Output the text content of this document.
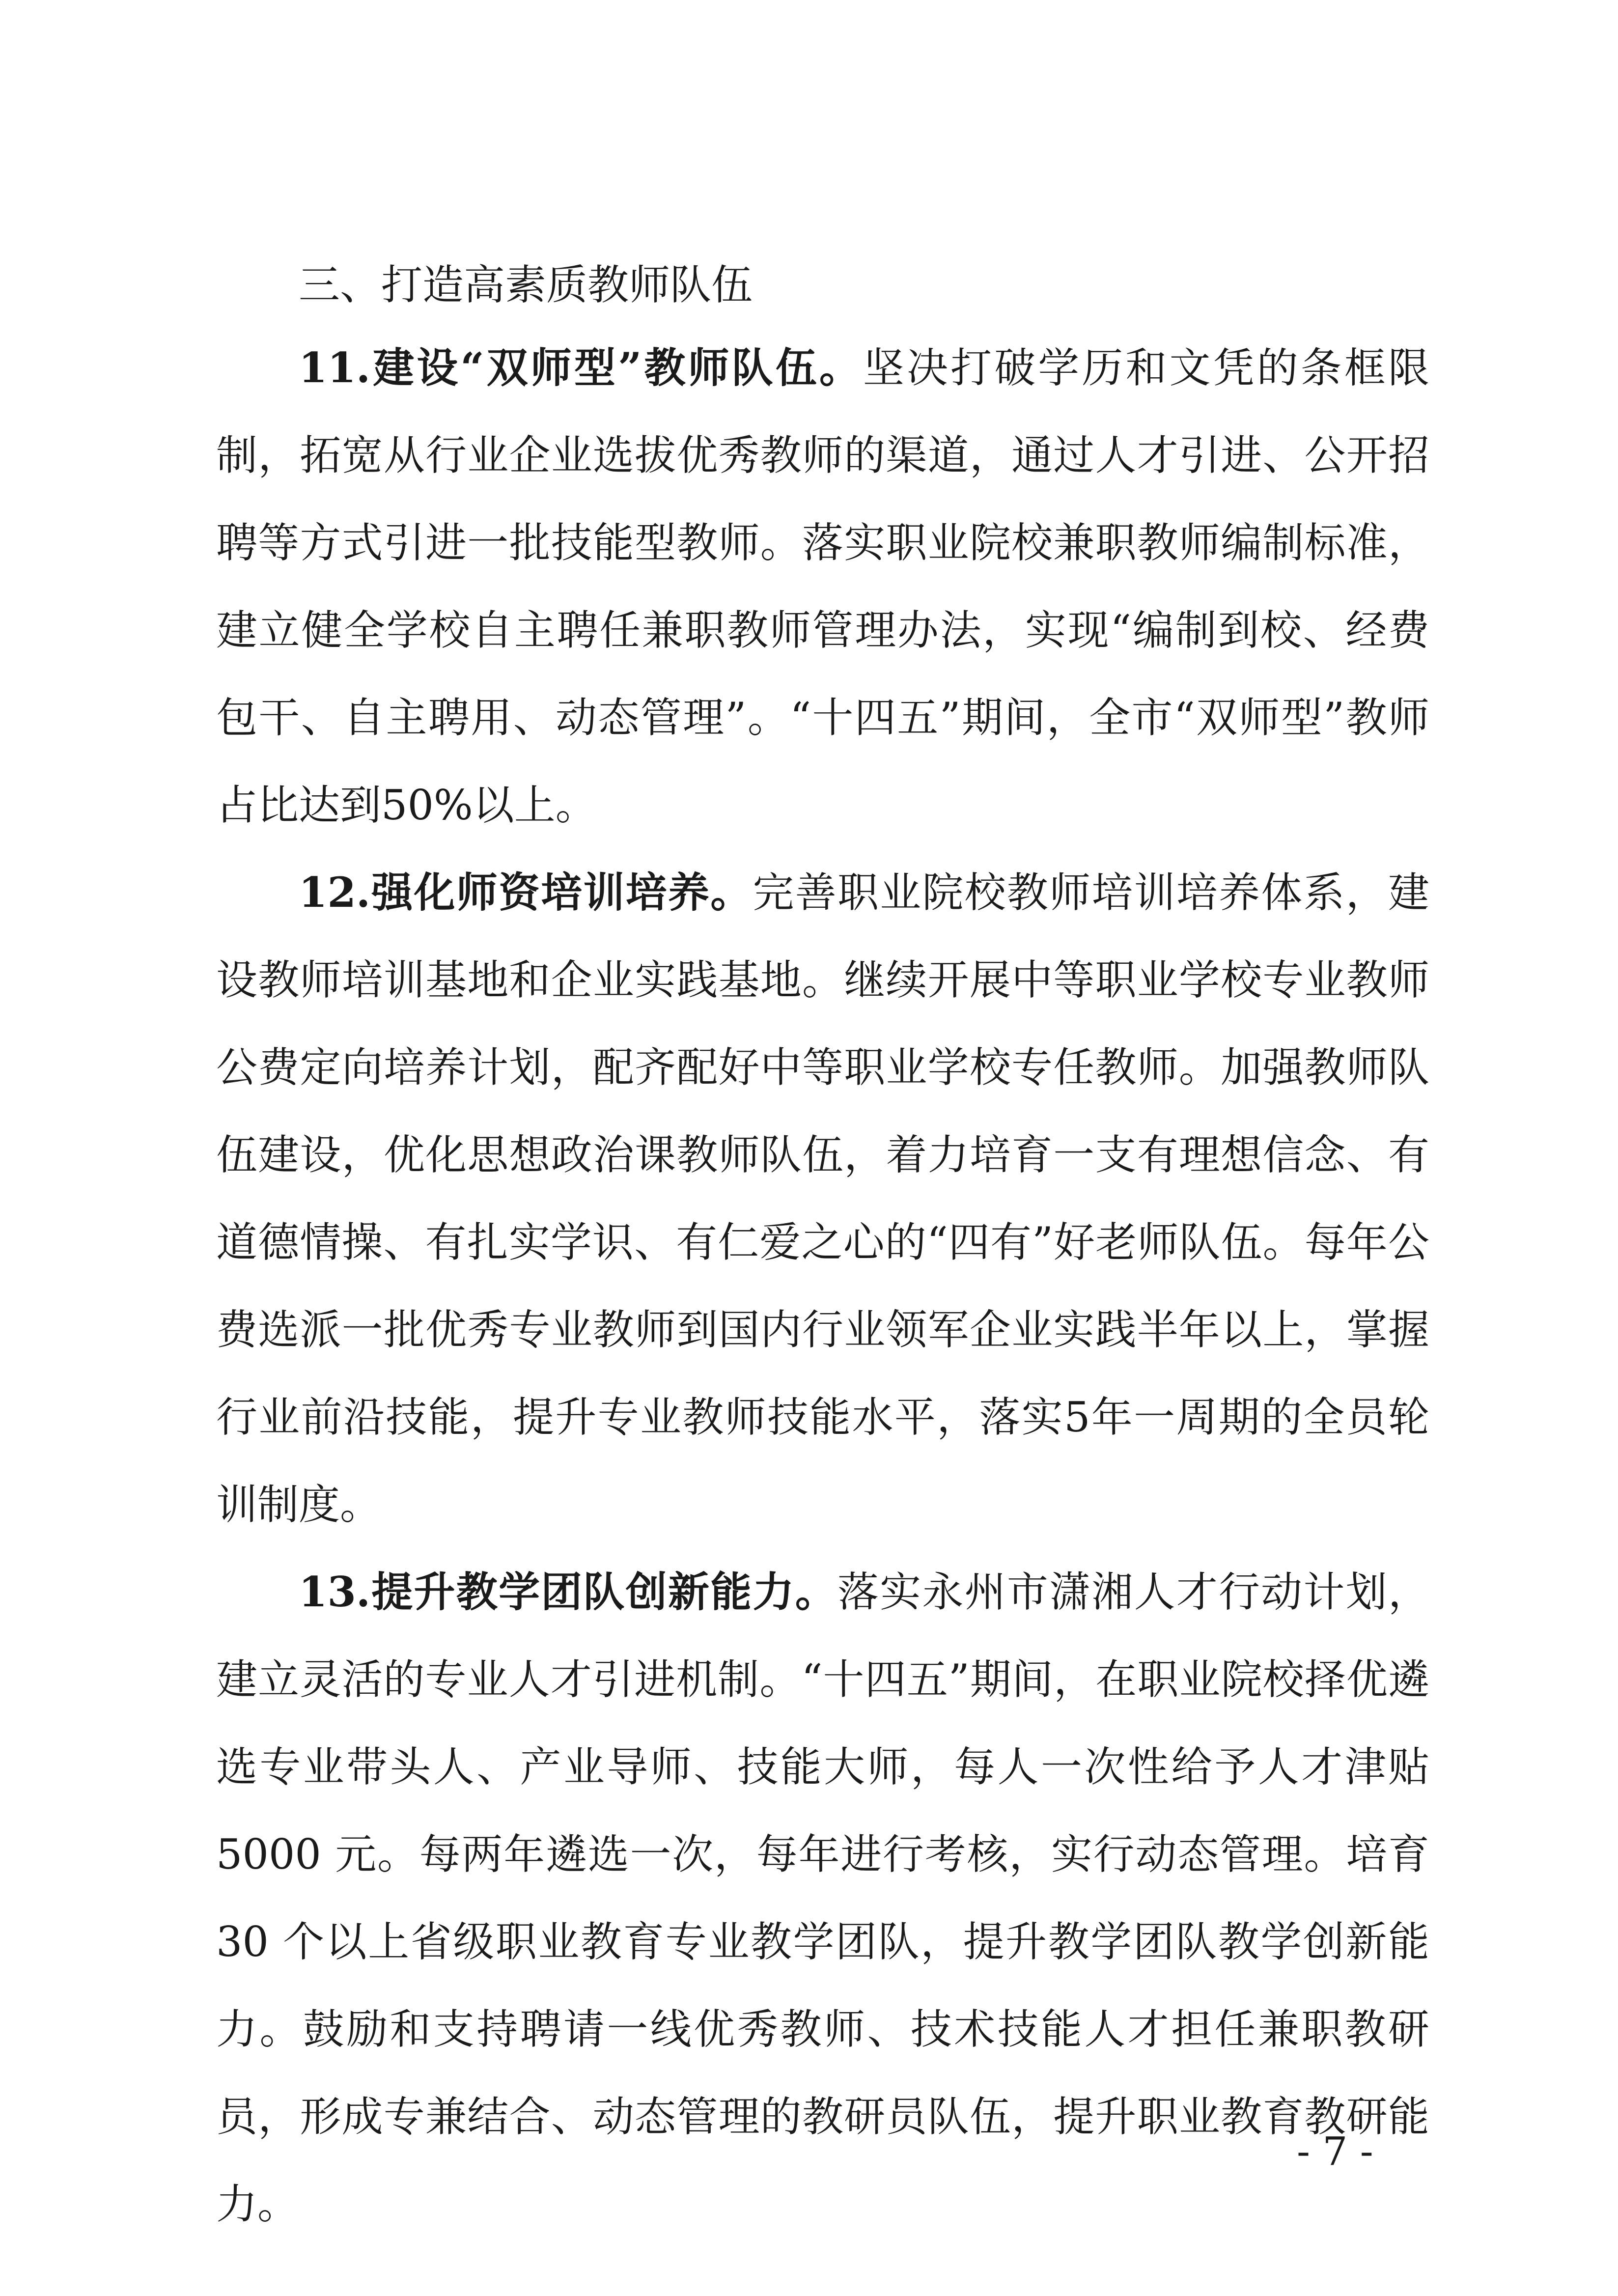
三、打造高素质教师队伍

11.建设“双师型”教师队伍。坚决打破学历和文凭的条框限制，拓宽从行业企业选拔优秀教师的渠道，通过人才引进、公开招聘等方式引进一批技能型教师。落实职业院校兼职教师编制标准，建立健全学校自主聘任兼职教师管理办法，实现“编制到校、经费包干、自主聘用、动态管理”。“十四五”期间，全市“双师型”教师占比达到50%以上。

12.强化师资培训培养。完善职业院校教师培训培养体系，建设教师培训基地和企业实践基地。继续开展中等职业学校专业教师公费定向培养计划，配齐配好中等职业学校专任教师。加强教师队伍建设，优化思想政治课教师队伍，着力培育一支有理想信念、有道德情操、有扎实学识、有仁爱之心的“四有”好老师队伍。每年公费选派一批优秀专业教师到国内行业领军企业实践半年以上，掌握行业前沿技能，提升专业教师技能水平，落实5年一周期的全员轮训制度。

13.提升教学团队创新能力。落实永州市潇湘人才行动计划，建立灵活的专业人才引进机制。“十四五”期间，在职业院校择优遴选专业带头人、产业导师、技能大师，每人一次性给予人才津贴5000 元。每两年遴选一次，每年进行考核，实行动态管理。培育30 个以上省级职业教育专业教学团队，提升教学团队教学创新能力。鼓励和支持聘请一线优秀教师、技术技能人才担任兼职教研员，形成专兼结合、动态管理的教研员队伍，提升职业教育教研能力。

- 7 -
